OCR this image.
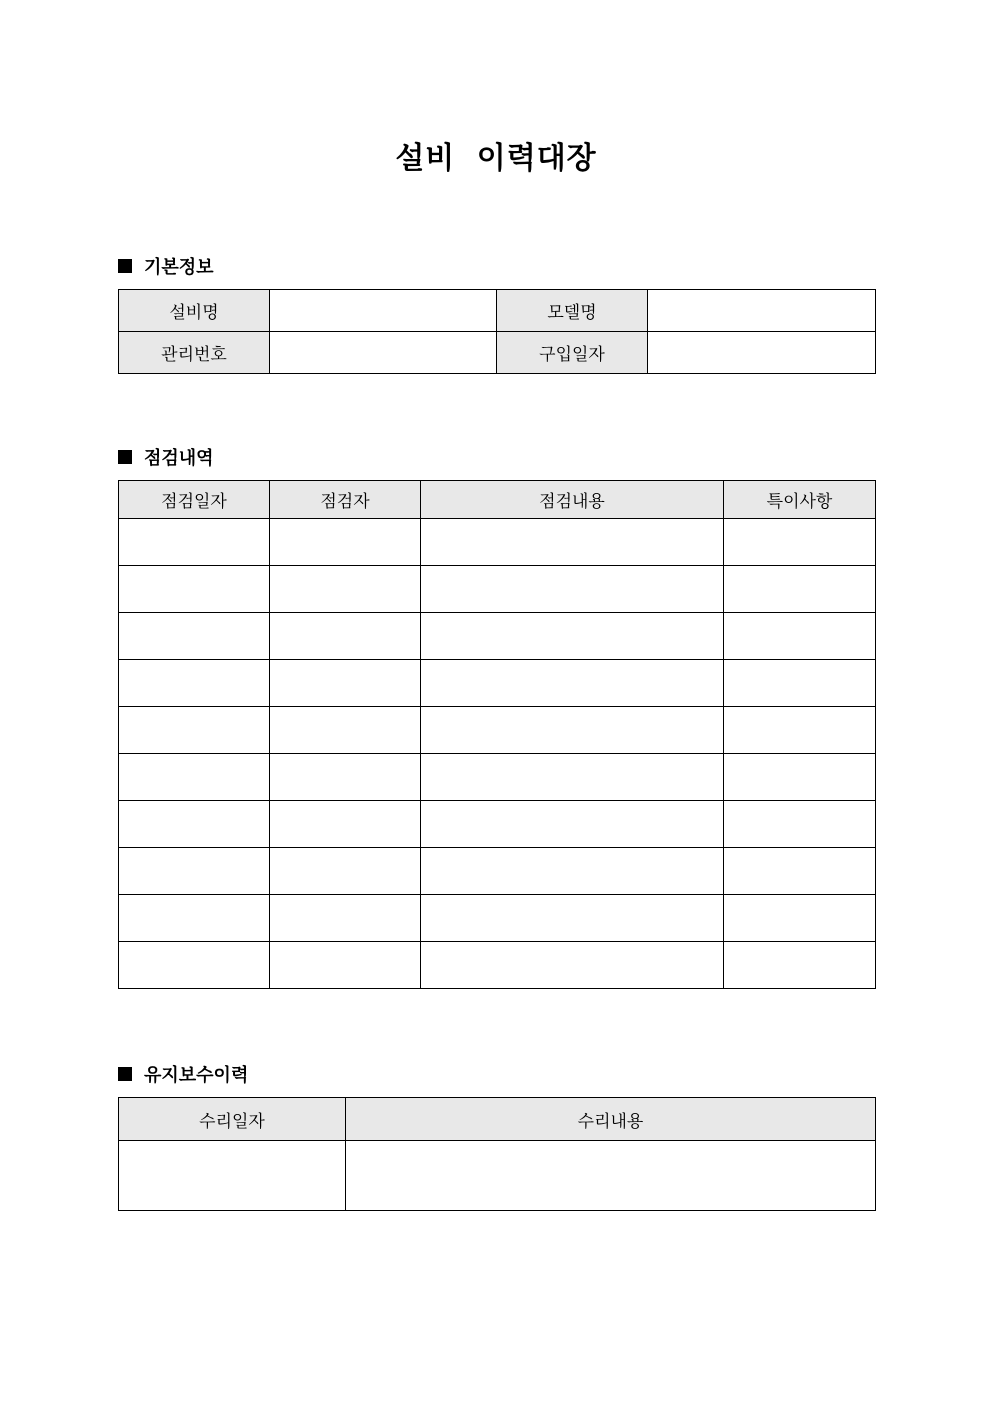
설비 이력대장
기본정보
설비명		모델명	
관리번호		구입일자	
점검내역
점검일자	점검자	점검내용	특이사항

유지보수이력
수리일자	수리내용
